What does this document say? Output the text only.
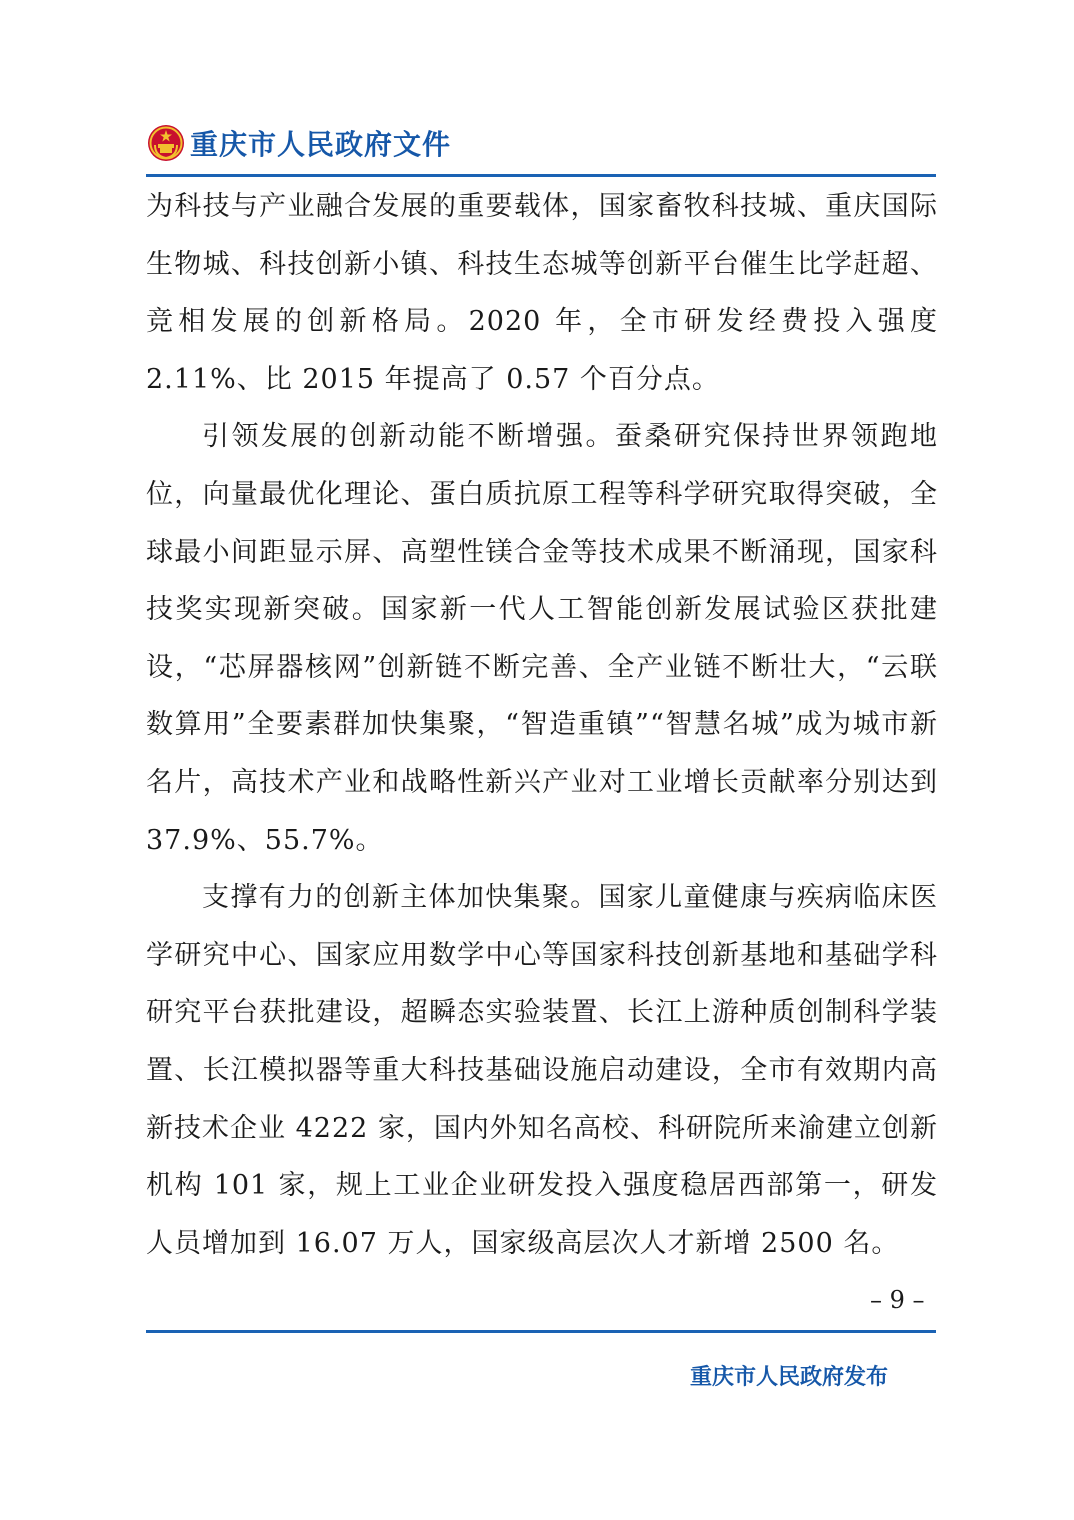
重庆市人民政府文件

为科技与产业融合发展的重要载体，国家畜牧科技城、重庆国际生物城、科技创新小镇、科技生态城等创新平台催生比学赶超、竞相发展的创新格局。2020 年，全市研发经费投入强度 2.11%、比 2015 年提高了 0.57 个百分点。

引领发展的创新动能不断增强。蚕桑研究保持世界领跑地位，向量最优化理论、蛋白质抗原工程等科学研究取得突破，全球最小间距显示屏、高塑性镁合金等技术成果不断涌现，国家科技奖实现新突破。国家新一代人工智能创新发展试验区获批建设，“芯屏器核网”创新链不断完善、全产业链不断壮大，“云联数算用”全要素群加快集聚，“智造重镇”“智慧名城”成为城市新名片，高技术产业和战略性新兴产业对工业增长贡献率分别达到 37.9%、55.7%。

支撑有力的创新主体加快集聚。国家儿童健康与疾病临床医学研究中心、国家应用数学中心等国家科技创新基地和基础学科研究平台获批建设，超瞬态实验装置、长江上游种质创制科学装置、长江模拟器等重大科技基础设施启动建设，全市有效期内高新技术企业 4222 家，国内外知名高校、科研院所来渝建立创新机构 101 家，规上工业企业研发投入强度稳居西部第一，研发人员增加到 16.07 万人，国家级高层次人才新增 2500 名。

– 9 –
重庆市人民政府发布
